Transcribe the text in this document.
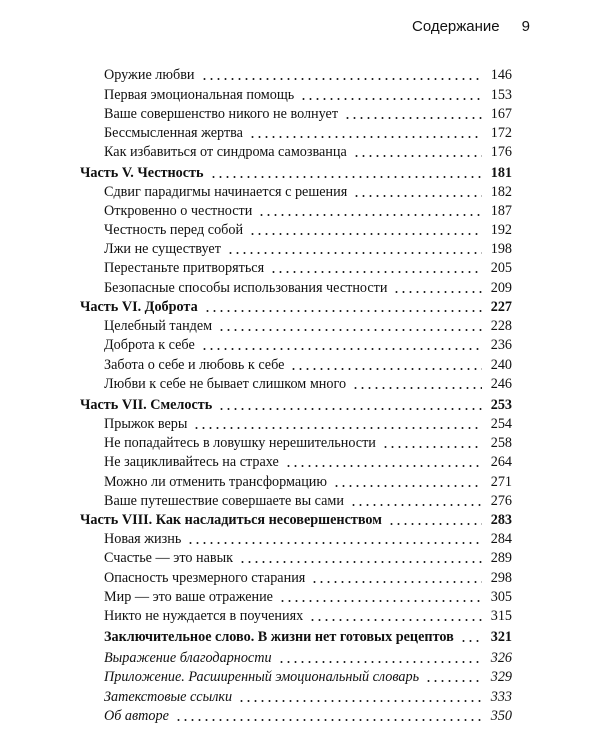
Содержание 9
Оружие любви	146
Первая эмоциональная помощь	153
Ваше совершенство никого не волнует	167
Бессмысленная жертва	172
Как избавиться от синдрома самозванца	176
Часть V. Честность	181
Сдвиг парадигмы начинается с решения	182
Откровенно о честности	187
Честность перед собой	192
Лжи не существует	198
Перестаньте притворяться	205
Безопасные способы использования честности	209
Часть VI. Доброта	227
Целебный тандем	228
Доброта к себе	236
Забота о себе и любовь к себе	240
Любви к себе не бывает слишком много	246
Часть VII. Смелость	253
Прыжок веры	254
Не попадайтесь в ловушку нерешительности	258
Не зацикливайтесь на страхе	264
Можно ли отменить трансформацию	271
Ваше путешествие совершаете вы сами	276
Часть VIII. Как насладиться несовершенством	283
Новая жизнь	284
Счастье — это навык	289
Опасность чрезмерного старания	298
Мир — это ваше отражение	305
Никто не нуждается в поучениях	315
Заключительное слово. В жизни нет готовых рецептов	321
Выражение благодарности	326
Приложение. Расширенный эмоциональный словарь	329
Затекстовые ссылки	333
Об авторе	350
